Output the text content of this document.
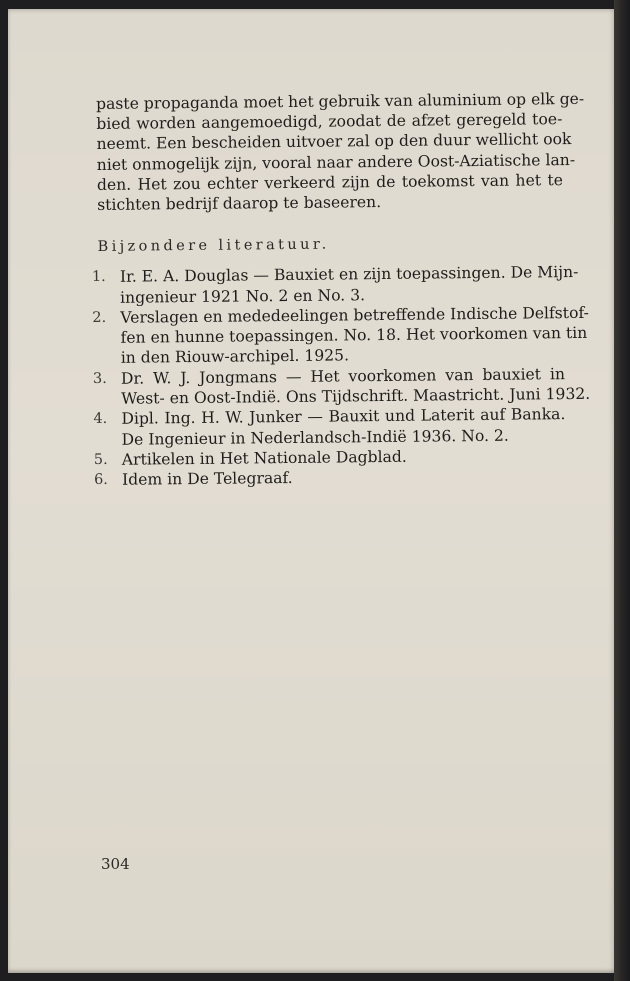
paste propaganda moet het gebruik van aluminium op elk ge-
bied worden aangemoedigd, zoodat de afzet geregeld toe-
neemt. Een bescheiden uitvoer zal op den duur wellicht ook
niet onmogelijk zijn, vooral naar andere Oost-Aziatische lan-
den. Het zou echter verkeerd zijn de toekomst van het te
stichten bedrijf daarop te baseeren.

Bijzondere literatuur.
1. Ir. E. A. Douglas — Bauxiet en zijn toepassingen. De Mijn-
ingenieur 1921 No. 2 en No. 3.
2. Verslagen en mededeelingen betreffende Indische Delfstof-
fen en hunne toepassingen. No. 18. Het voorkomen van tin
in den Riouw-archipel. 1925.
3. Dr. W. J. Jongmans — Het voorkomen van bauxiet in
West- en Oost-Indië. Ons Tijdschrift. Maastricht. Juni 1932.
4. Dipl. Ing. H. W. Junker — Bauxit und Laterit auf Banka.
De Ingenieur in Nederlandsch-Indië 1936. No. 2.
5. Artikelen in Het Nationale Dagblad.
6. Idem in De Telegraaf.
304
